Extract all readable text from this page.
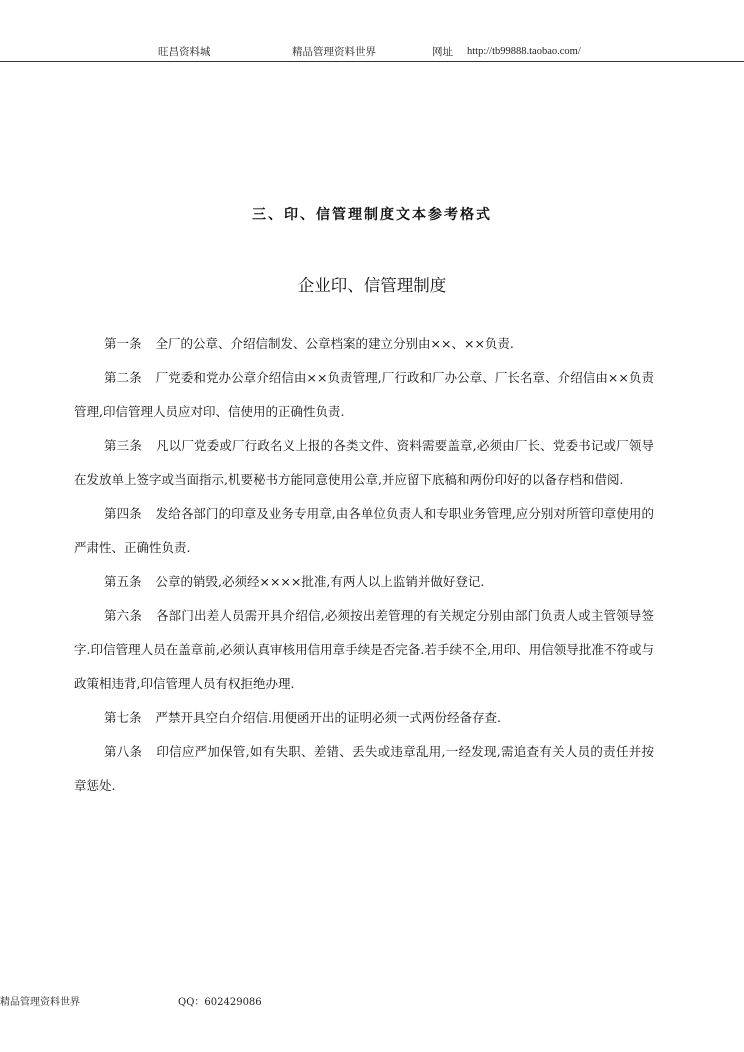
旺昌资料城	精品管理资料世界	网址 http://tb99888.taobao.com/
三、印、信管理制度文本参考格式
企业印、信管理制度

第一条 全厂的公章、介绍信制发、公章档案的建立分别由××、××负责.

第二条 厂党委和党办公章介绍信由××负责管理,厂行政和厂办公章、厂长名章、介绍信由××负责管理,印信管理人员应对印、信使用的正确性负责.

第三条 凡以厂党委或厂行政名义上报的各类文件、资料需要盖章,必须由厂长、党委书记或厂领导在发放单上签字或当面指示,机要秘书方能同意使用公章,并应留下底稿和两份印好的以备存档和借阅.

第四条 发给各部门的印章及业务专用章,由各单位负责人和专职业务管理,应分别对所管印章使用的严肃性、正确性负责.

第五条 公章的销毁,必须经××××批准,有两人以上监销并做好登记.

第六条 各部门出差人员需开具介绍信,必须按出差管理的有关规定分别由部门负责人或主管领导签字.印信管理人员在盖章前,必须认真审核用信用章手续是否完备.若手续不全,用印、用信领导批准不符或与政策相违背,印信管理人员有权拒绝办理.

第七条 严禁开具空白介绍信.用便函开出的证明必须一式两份经备存查.

第八条 印信应严加保管,如有失职、差错、丢失或违章乱用,一经发现,需追查有关人员的责任并按章惩处.

精品管理资料世界	QQ：602429086
